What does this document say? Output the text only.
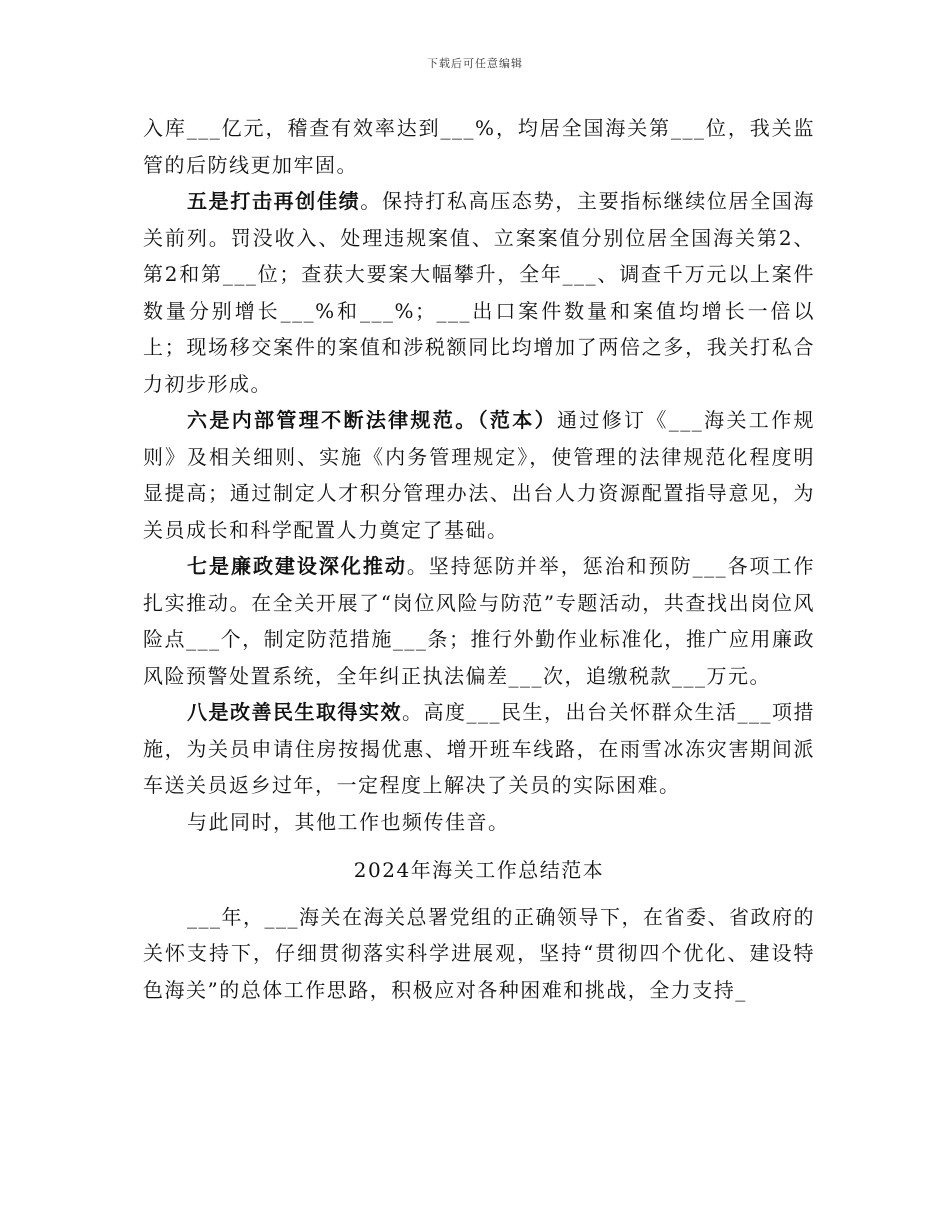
下载后可任意编辑

入库___亿元，稽查有效率达到___%，均居全国海关第___位，我关监管的后防线更加牢固。

五是打击再创佳绩。保持打私高压态势，主要指标继续位居全国海关前列。罚没收入、处理违规案值、立案案值分别位居全国海关第2、第2和第___位；查获大要案大幅攀升，全年___、调查千万元以上案件数量分别增长___%和___%；___出口案件数量和案值均增长一倍以上；现场移交案件的案值和涉税额同比均增加了两倍之多，我关打私合力初步形成。

六是内部管理不断法律规范。（范本）通过修订《___海关工作规则》及相关细则、实施《内务管理规定》，使管理的法律规范化程度明显提高；通过制定人才积分管理办法、出台人力资源配置指导意见，为关员成长和科学配置人力奠定了基础。

七是廉政建设深化推动。坚持惩防并举，惩治和预防___各项工作扎实推动。在全关开展了“岗位风险与防范”专题活动，共查找出岗位风险点___个，制定防范措施___条；推行外勤作业标准化，推广应用廉政风险预警处置系统，全年纠正执法偏差___次，追缴税款___万元。

八是改善民生取得实效。高度___民生，出台关怀群众生活___项措施，为关员申请住房按揭优惠、增开班车线路，在雨雪冰冻灾害期间派车送关员返乡过年，一定程度上解决了关员的实际困难。

与此同时，其他工作也频传佳音。

2024年海关工作总结范本

___年，___海关在海关总署党组的正确领导下，在省委、省政府的关怀支持下，仔细贯彻落实科学进展观，坚持“贯彻四个优化、建设特色海关”的总体工作思路，积极应对各种困难和挑战，全力支持_
